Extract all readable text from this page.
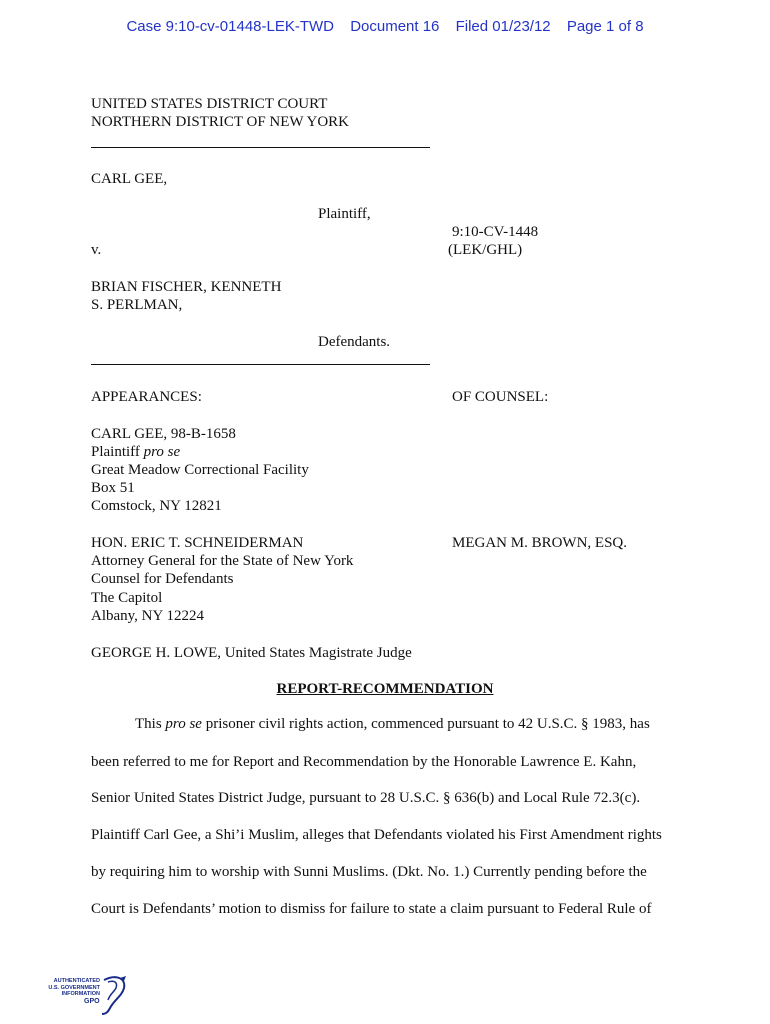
Case 9:10-cv-01448-LEK-TWD Document 16 Filed 01/23/12 Page 1 of 8
UNITED STATES DISTRICT COURT
NORTHERN DISTRICT OF NEW YORK
CARL GEE,
Plaintiff,
9:10-CV-1448
v.	(LEK/GHL)
BRIAN FISCHER, KENNETH
S. PERLMAN,
Defendants.
APPEARANCES:	OF COUNSEL:
CARL GEE, 98-B-1658
Plaintiff pro se
Great Meadow Correctional Facility
Box 51
Comstock, NY 12821
HON. ERIC T. SCHNEIDERMAN	MEGAN M. BROWN, ESQ.
Attorney General for the State of New York
Counsel for Defendants
The Capitol
Albany, NY 12224
GEORGE H. LOWE, United States Magistrate Judge
REPORT-RECOMMENDATION
This pro se prisoner civil rights action, commenced pursuant to 42 U.S.C. § 1983, has
been referred to me for Report and Recommendation by the Honorable Lawrence E. Kahn,
Senior United States District Judge, pursuant to 28 U.S.C. § 636(b) and Local Rule 72.3(c).
Plaintiff Carl Gee, a Shi’i Muslim, alleges that Defendants violated his First Amendment rights
by requiring him to worship with Sunni Muslims. (Dkt. No. 1.) Currently pending before the
Court is Defendants’ motion to dismiss for failure to state a claim pursuant to Federal Rule of
AUTHENTICATED
U.S. GOVERNMENT
INFORMATION
GPO
